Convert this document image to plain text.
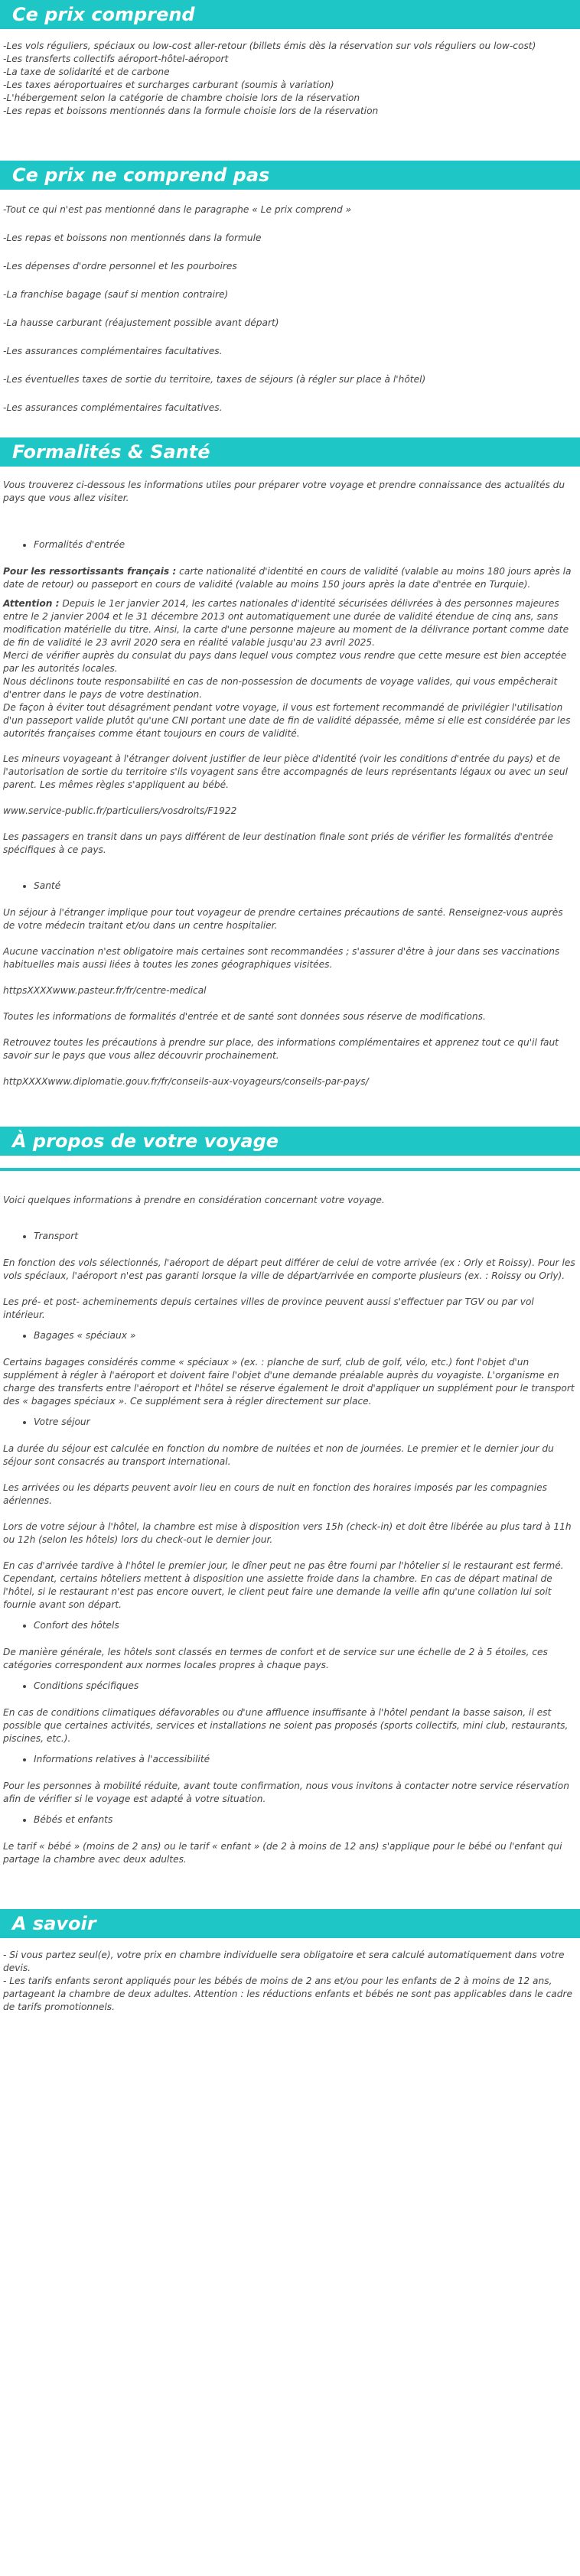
Ce prix comprend

-Les vols réguliers, spéciaux ou low-cost aller-retour (billets émis dès la réservation sur vols réguliers ou low-cost)

-Les transferts collectifs aéroport-hôtel-aéroport

-La taxe de solidarité et de carbone

-Les taxes aéroportuaires et surcharges carburant (soumis à variation)

-L'hébergement selon la catégorie de chambre choisie lors de la réservation

-Les repas et boissons mentionnés dans la formule choisie lors de la réservation

Ce prix ne comprend pas

-Tout ce qui n'est pas mentionné dans le paragraphe « Le prix comprend »

-Les repas et boissons non mentionnés dans la formule

-Les dépenses d'ordre personnel et les pourboires

-La franchise bagage (sauf si mention contraire)

-La hausse carburant (réajustement possible avant départ)

-Les assurances complémentaires facultatives.

-Les éventuelles taxes de sortie du territoire, taxes de séjours (à régler sur place à l'hôtel)

-Les assurances complémentaires facultatives.

Formalités & Santé

Vous trouverez ci-dessous les informations utiles pour préparer votre voyage et prendre connaissance des actualités du pays que vous allez visiter.

• Formalités d'entrée

Pour les ressortissants français : carte nationalité d'identité en cours de validité (valable au moins 180 jours après la date de retour) ou passeport en cours de validité (valable au moins 150 jours après la date d'entrée en Turquie).

Attention : Depuis le 1er janvier 2014, les cartes nationales d'identité sécurisées délivrées à des personnes majeures entre le 2 janvier 2004 et le 31 décembre 2013 ont automatiquement une durée de validité étendue de cinq ans, sans modification matérielle du titre. Ainsi, la carte d'une personne majeure au moment de la délivrance portant comme date de fin de validité le 23 avril 2020 sera en réalité valable jusqu'au 23 avril 2025.

Merci de vérifier auprès du consulat du pays dans lequel vous comptez vous rendre que cette mesure est bien acceptée par les autorités locales.

Nous déclinons toute responsabilité en cas de non-possession de documents de voyage valides, qui vous empêcherait d'entrer dans le pays de votre destination.

De façon à éviter tout désagrément pendant votre voyage, il vous est fortement recommandé de privilégier l'utilisation d'un passeport valide plutôt qu'une CNI portant une date de fin de validité dépassée, même si elle est considérée par les autorités françaises comme étant toujours en cours de validité.

Les mineurs voyageant à l'étranger doivent justifier de leur pièce d'identité (voir les conditions d'entrée du pays) et de l'autorisation de sortie du territoire s'ils voyagent sans être accompagnés de leurs représentants légaux ou avec un seul parent. Les mêmes règles s'appliquent au bébé.

www.service-public.fr/particuliers/vosdroits/F1922

Les passagers en transit dans un pays différent de leur destination finale sont priés de vérifier les formalités d'entrée spécifiques à ce pays.

• Santé

Un séjour à l'étranger implique pour tout voyageur de prendre certaines précautions de santé. Renseignez-vous auprès de votre médecin traitant et/ou dans un centre hospitalier.

Aucune vaccination n'est obligatoire mais certaines sont recommandées ; s'assurer d'être à jour dans ses vaccinations habituelles mais aussi liées à toutes les zones géographiques visitées.

httpsXXXXwww.pasteur.fr/fr/centre-medical

Toutes les informations de formalités d'entrée et de santé sont données sous réserve de modifications.

Retrouvez toutes les précautions à prendre sur place, des informations complémentaires et apprenez tout ce qu'il faut savoir sur le pays que vous allez découvrir prochainement.

httpXXXXwww.diplomatie.gouv.fr/fr/conseils-aux-voyageurs/conseils-par-pays/

À propos de votre voyage

Voici quelques informations à prendre en considération concernant votre voyage.

• Transport

En fonction des vols sélectionnés, l'aéroport de départ peut différer de celui de votre arrivée (ex : Orly et Roissy). Pour les vols spéciaux, l'aéroport n'est pas garanti lorsque la ville de départ/arrivée en comporte plusieurs (ex. : Roissy ou Orly).

Les pré- et post- acheminements depuis certaines villes de province peuvent aussi s'effectuer par TGV ou par vol intérieur.

• Bagages « spéciaux »

Certains bagages considérés comme « spéciaux » (ex. : planche de surf, club de golf, vélo, etc.) font l'objet d'un supplément à régler à l'aéroport et doivent faire l'objet d'une demande préalable auprès du voyagiste. L'organisme en charge des transferts entre l'aéroport et l'hôtel se réserve également le droit d'appliquer un supplément pour le transport des « bagages spéciaux ». Ce supplément sera à régler directement sur place.

• Votre séjour

La durée du séjour est calculée en fonction du nombre de nuitées et non de journées. Le premier et le dernier jour du séjour sont consacrés au transport international.

Les arrivées ou les départs peuvent avoir lieu en cours de nuit en fonction des horaires imposés par les compagnies aériennes.

Lors de votre séjour à l'hôtel, la chambre est mise à disposition vers 15h (check-in) et doit être libérée au plus tard à 11h ou 12h (selon les hôtels) lors du check-out le dernier jour.

En cas d'arrivée tardive à l'hôtel le premier jour, le dîner peut ne pas être fourni par l'hôtelier si le restaurant est fermé. Cependant, certains hôteliers mettent à disposition une assiette froide dans la chambre. En cas de départ matinal de l'hôtel, si le restaurant n'est pas encore ouvert, le client peut faire une demande la veille afin qu'une collation lui soit fournie avant son départ.

• Confort des hôtels

De manière générale, les hôtels sont classés en termes de confort et de service sur une échelle de 2 à 5 étoiles, ces catégories correspondent aux normes locales propres à chaque pays.

• Conditions spécifiques

En cas de conditions climatiques défavorables ou d'une affluence insuffisante à l'hôtel pendant la basse saison, il est possible que certaines activités, services et installations ne soient pas proposés (sports collectifs, mini club, restaurants, piscines, etc.).

• Informations relatives à l'accessibilité

Pour les personnes à mobilité réduite, avant toute confirmation, nous vous invitons à contacter notre service réservation afin de vérifier si le voyage est adapté à votre situation.

• Bébés et enfants

Le tarif « bébé » (moins de 2 ans) ou le tarif « enfant » (de 2 à moins de 12 ans) s'applique pour le bébé ou l'enfant qui partage la chambre avec deux adultes.

A savoir

- Si vous partez seul(e), votre prix en chambre individuelle sera obligatoire et sera calculé automatiquement dans votre devis.

- Les tarifs enfants seront appliqués pour les bébés de moins de 2 ans et/ou pour les enfants de 2 à moins de 12 ans, partageant la chambre de deux adultes. Attention : les réductions enfants et bébés ne sont pas applicables dans le cadre de tarifs promotionnels.
